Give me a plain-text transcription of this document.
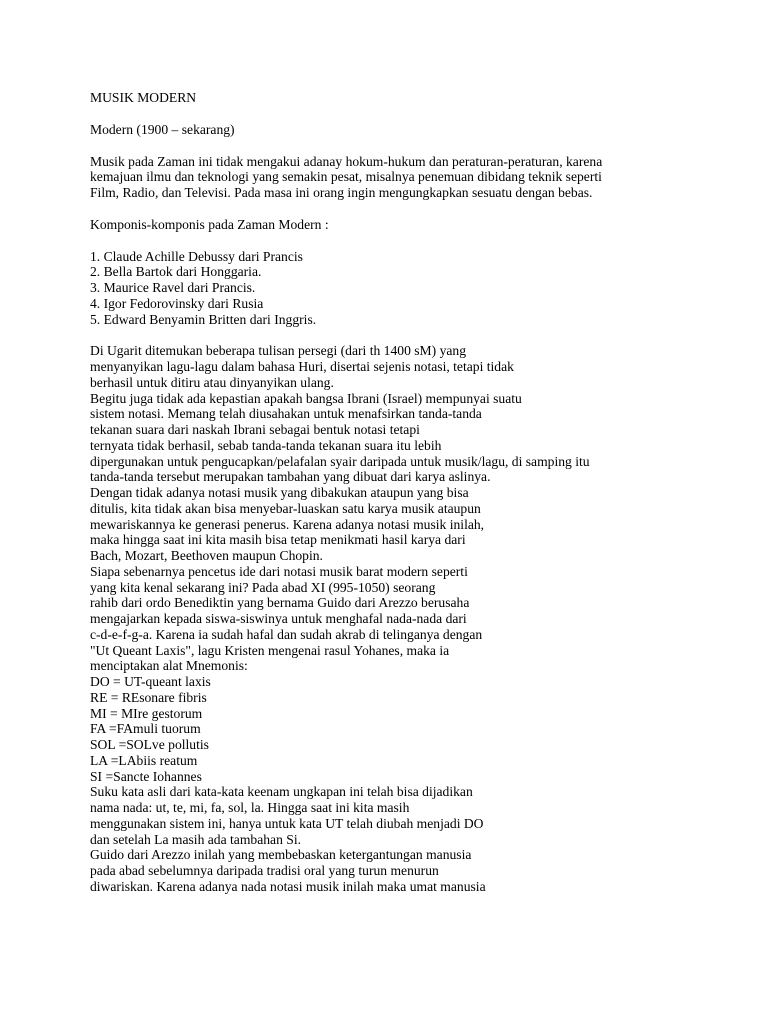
MUSIK MODERN
Modern (1900 – sekarang)
Musik pada Zaman ini tidak mengakui adanay hokum-hukum dan peraturan-peraturan, karena
kemajuan ilmu dan teknologi yang semakin pesat, misalnya penemuan dibidang teknik seperti
Film, Radio, dan Televisi. Pada masa ini orang ingin mengungkapkan sesuatu dengan bebas.
Komponis-komponis pada Zaman Modern :
1. Claude Achille Debussy dari Prancis
2. Bella Bartok dari Honggaria.
3. Maurice Ravel dari Prancis.
4. Igor Fedorovinsky dari Rusia
5. Edward Benyamin Britten dari Inggris.
Di Ugarit ditemukan beberapa tulisan persegi (dari th 1400 sM) yang
menyanyikan lagu-lagu dalam bahasa Huri, disertai sejenis notasi, tetapi tidak
berhasil untuk ditiru atau dinyanyikan ulang.
Begitu juga tidak ada kepastian apakah bangsa Ibrani (Israel) mempunyai suatu
sistem notasi. Memang telah diusahakan untuk menafsirkan tanda-tanda
tekanan suara dari naskah Ibrani sebagai bentuk notasi tetapi
ternyata tidak berhasil, sebab tanda-tanda tekanan suara itu lebih
dipergunakan untuk pengucapkan/pelafalan syair daripada untuk musik/lagu, di samping itu
tanda-tanda tersebut merupakan tambahan yang dibuat dari karya aslinya.
Dengan tidak adanya notasi musik yang dibakukan ataupun yang bisa
ditulis, kita tidak akan bisa menyebar-luaskan satu karya musik ataupun
mewariskannya ke generasi penerus. Karena adanya notasi musik inilah,
maka hingga saat ini kita masih bisa tetap menikmati hasil karya dari
Bach, Mozart, Beethoven maupun Chopin.
Siapa sebenarnya pencetus ide dari notasi musik barat modern seperti
yang kita kenal sekarang ini? Pada abad XI (995-1050) seorang
rahib dari ordo Benediktin yang bernama Guido dari Arezzo berusaha
mengajarkan kepada siswa-siswinya untuk menghafal nada-nada dari
c-d-e-f-g-a. Karena ia sudah hafal dan sudah akrab di telinganya dengan
"Ut Queant Laxis", lagu Kristen mengenai rasul Yohanes, maka ia
menciptakan alat Mnemonis:
DO = UT-queant laxis
RE = REsonare fibris
MI = MIre gestorum
FA =FAmuli tuorum
SOL =SOLve pollutis
LA =LAbiis reatum
SI =Sancte Iohannes
Suku kata asli dari kata-kata keenam ungkapan ini telah bisa dijadikan
nama nada: ut, te, mi, fa, sol, la. Hingga saat ini kita masih
menggunakan sistem ini, hanya untuk kata UT telah diubah menjadi DO
dan setelah La masih ada tambahan Si.
Guido dari Arezzo inilah yang membebaskan ketergantungan manusia
pada abad sebelumnya daripada tradisi oral yang turun menurun
diwariskan. Karena adanya nada notasi musik inilah maka umat manusia
